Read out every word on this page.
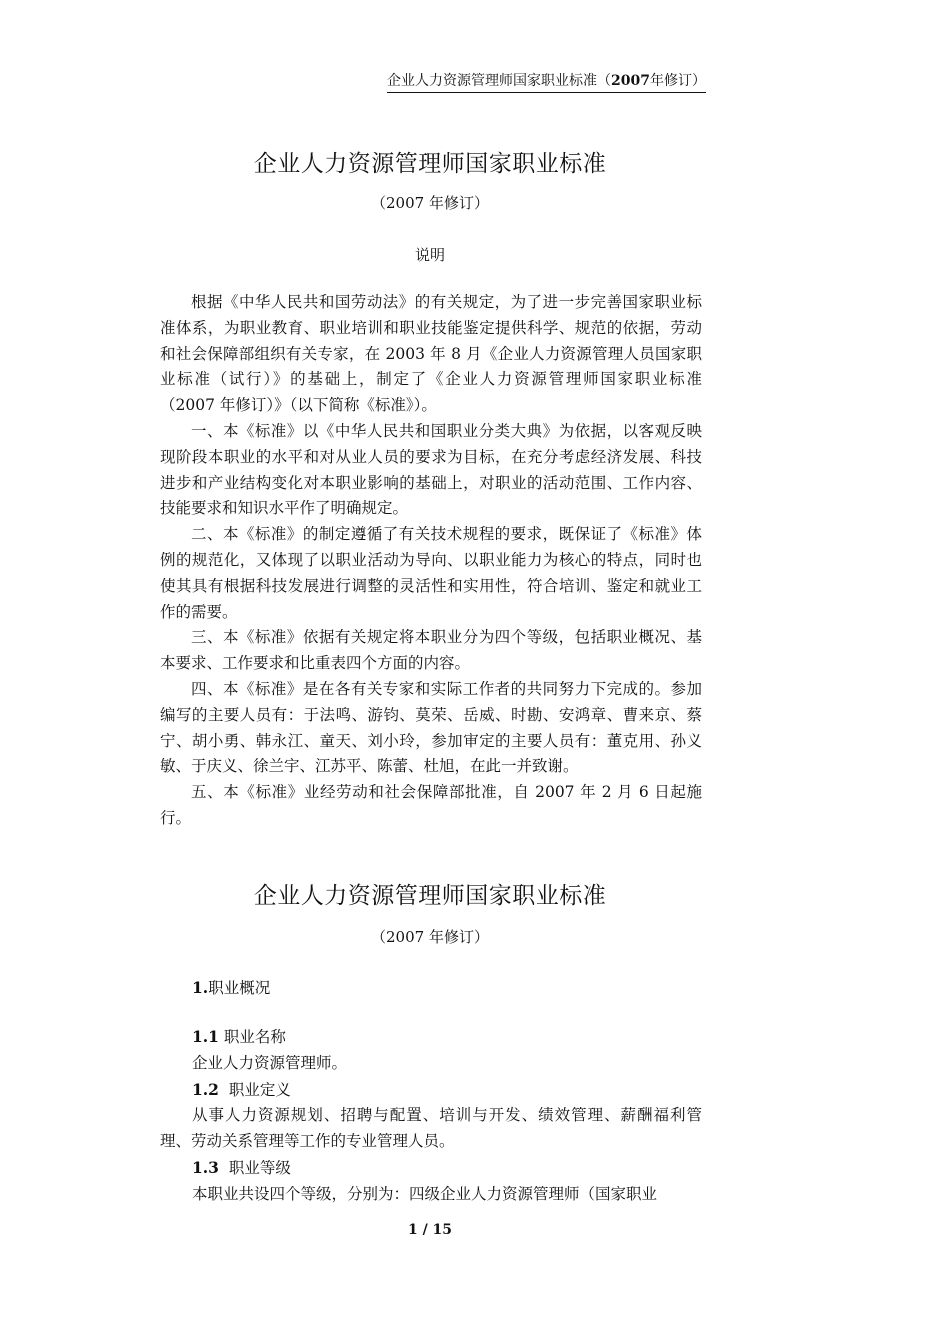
企业人力资源管理师国家职业标准（2007年修订）
企业人力资源管理师国家职业标准
（2007 年修订）
说明

根据《中华人民共和国劳动法》的有关规定，为了进一步完善国家职业标准体系，为职业教育、职业培训和职业技能鉴定提供科学、规范的依据，劳动和社会保障部组织有关专家，在 2003 年 8 月《企业人力资源管理人员国家职业标准（试行）》的基础上，制定了《企业人力资源管理师国家职业标准（2007 年修订）》（以下简称《标准》）。

一、本《标准》以《中华人民共和国职业分类大典》为依据，以客观反映现阶段本职业的水平和对从业人员的要求为目标，在充分考虑经济发展、科技进步和产业结构变化对本职业影响的基础上，对职业的活动范围、工作内容、技能要求和知识水平作了明确规定。

二、本《标准》的制定遵循了有关技术规程的要求，既保证了《标准》体例的规范化，又体现了以职业活动为导向、以职业能力为核心的特点，同时也使其具有根据科技发展进行调整的灵活性和实用性，符合培训、鉴定和就业工作的需要。

三、本《标准》依据有关规定将本职业分为四个等级，包括职业概况、基本要求、工作要求和比重表四个方面的内容。

四、本《标准》是在各有关专家和实际工作者的共同努力下完成的。参加编写的主要人员有：于法鸣、游钧、莫荣、岳威、时勘、安鸿章、曹来京、蔡宁、胡小勇、韩永江、童天、刘小玲，参加审定的主要人员有：董克用、孙义敏、于庆义、徐兰宇、江苏平、陈蕾、杜旭，在此一并致谢。

五、本《标准》业经劳动和社会保障部批准，自 2007 年 2 月 6 日起施行。

企业人力资源管理师国家职业标准
（2007 年修订）
1.职业概况
1.1 职业名称
企业人力资源管理师。
1.2  职业定义
从事人力资源规划、招聘与配置、培训与开发、绩效管理、薪酬福利管理、劳动关系管理等工作的专业管理人员。
1.3  职业等级
本职业共设四个等级，分别为：四级企业人力资源管理师（国家职业
1 / 15
